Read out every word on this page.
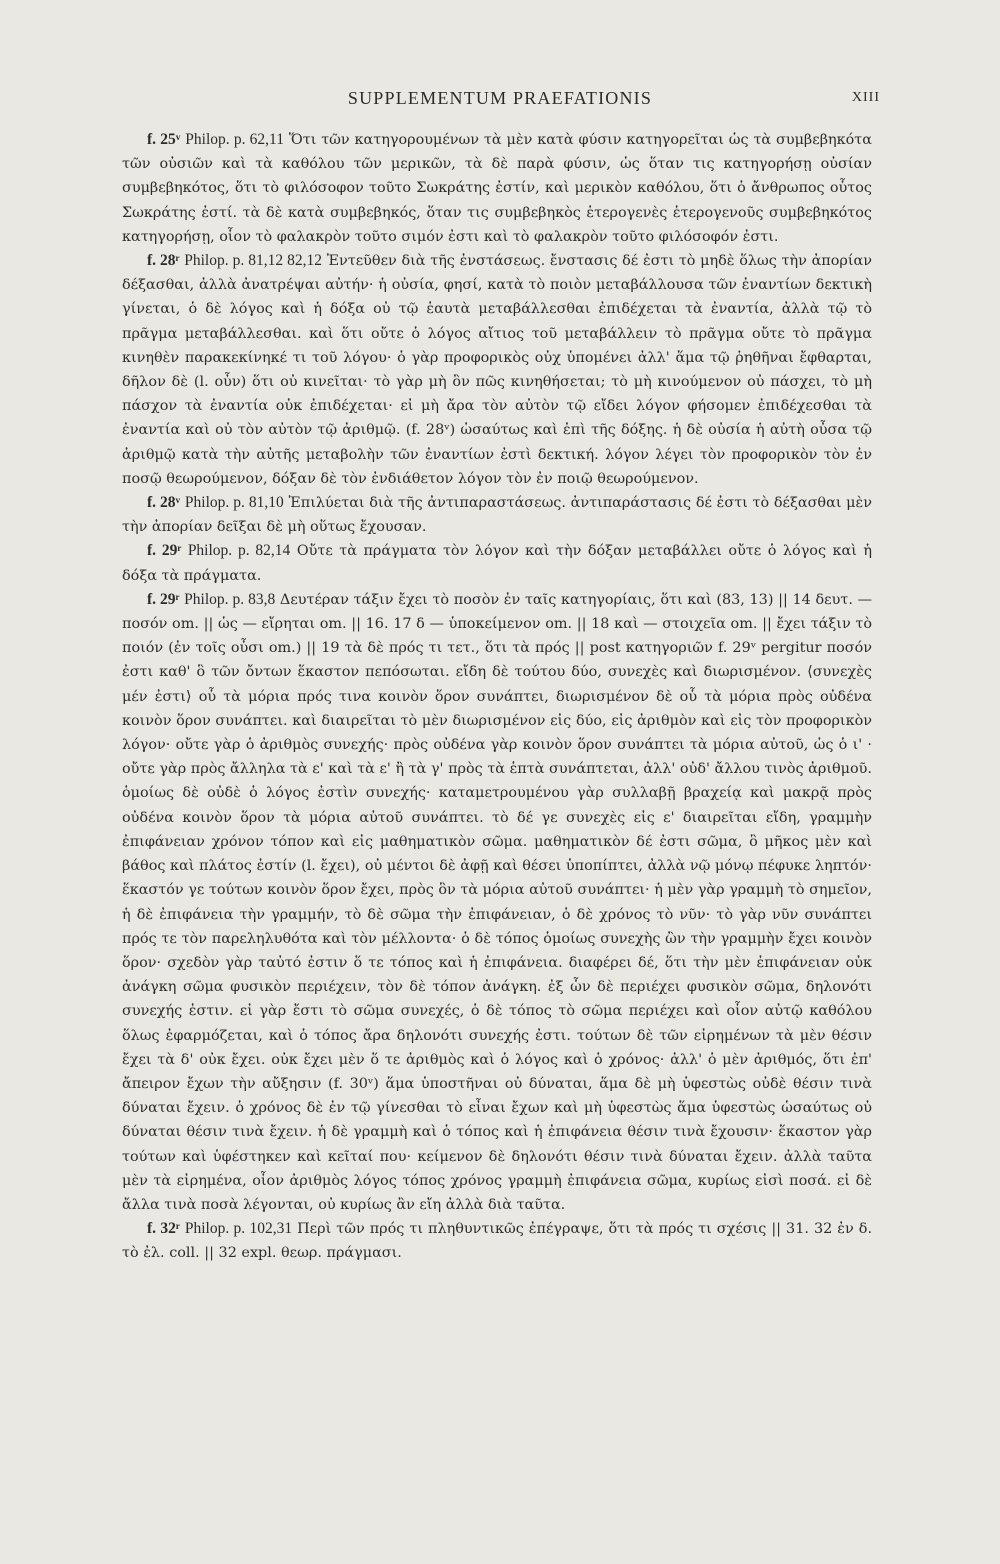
SUPPLEMENTUM PRAEFATIONIS	XIII

f. 25ᵛ Philop. p. 62,11 Ὅτι τῶν κατηγορουμένων τὰ μὲν κατὰ φύσιν κατηγορεῖται ὡς τὰ συμβεβηκότα τῶν οὐσιῶν καὶ τὰ καθόλου τῶν μερικῶν, τὰ δὲ παρὰ φύσιν, ὡς ὅταν τις κατηγορήσῃ οὐσίαν συμβεβηκότος, ὅτι τὸ φιλόσοφον τοῦτο Σωκράτης ἐστίν, καὶ μερικὸν καθόλου, ὅτι ὁ ἄνθρωπος οὗτος Σωκράτης ἐστί. τὰ δὲ κατὰ συμβεβηκός, ὅταν τις συμβεβηκὸς ἑτερογενὲς ἑτερογενοῦς συμβεβηκότος κατηγορήσῃ, οἷον τὸ φαλακρὸν τοῦτο σιμόν ἐστι καὶ τὸ φαλακρὸν τοῦτο φιλόσοφόν ἐστι.

f. 28ʳ Philop. p. 81,12 82,12 Ἐντεῦθεν διὰ τῆς ἐνστάσεως. ἔνστασις δέ ἐστι τὸ μηδὲ ὅλως τὴν ἀπορίαν δέξασθαι, ἀλλὰ ἀνατρέψαι αὐτήν· ἡ οὐσία, φησί, κατὰ τὸ ποιὸν μεταβάλλουσα τῶν ἐναντίων δεκτικὴ γίνεται, ὁ δὲ λόγος καὶ ἡ δόξα οὐ τῷ ἑαυτὰ μεταβάλλεσθαι ἐπιδέχεται τὰ ἐναντία, ἀλλὰ τῷ τὸ πρᾶγμα μεταβάλλεσθαι. καὶ ὅτι οὔτε ὁ λόγος αἴτιος τοῦ μεταβάλλειν τὸ πρᾶγμα οὔτε τὸ πρᾶγμα κινηθὲν παρακεκίνηκέ τι τοῦ λόγου· ὁ γὰρ προφορικὸς οὐχ ὑπομένει ἀλλ' ἅμα τῷ ῥηθῆναι ἔφθαρται, δῆλον δὲ (l. οὖν) ὅτι οὐ κινεῖται· τὸ γὰρ μὴ ὂν πῶς κινηθήσεται; τὸ μὴ κινούμενον οὐ πάσχει, τὸ μὴ πάσχον τὰ ἐναντία οὐκ ἐπιδέχεται· εἰ μὴ ἄρα τὸν αὐτὸν τῷ εἴδει λόγον φήσομεν ἐπιδέχεσθαι τὰ ἐναντία καὶ οὐ τὸν αὐτὸν τῷ ἀριθμῷ. (f. 28ᵛ) ὡσαύτως καὶ ἐπὶ τῆς δόξης. ἡ δὲ οὐσία ἡ αὐτὴ οὖσα τῷ ἀριθμῷ κατὰ τὴν αὐτῆς μεταβολὴν τῶν ἐναντίων ἐστὶ δεκτική. λόγον λέγει τὸν προφορικὸν τὸν ἐν ποσῷ θεωρούμενον, δόξαν δὲ τὸν ἐνδιάθετον λόγον τὸν ἐν ποιῷ θεωρούμενον.

f. 28ᵛ Philop. p. 81,10 Ἐπιλύεται διὰ τῆς ἀντιπαραστάσεως. ἀντιπαράστασις δέ ἐστι τὸ δέξασθαι μὲν τὴν ἀπορίαν δεῖξαι δὲ μὴ οὕτως ἔχουσαν.

f. 29ʳ Philop. p. 82,14 Οὔτε τὰ πράγματα τὸν λόγον καὶ τὴν δόξαν μεταβάλλει οὔτε ὁ λόγος καὶ ἡ δόξα τὰ πράγματα.

f. 29ʳ Philop. p. 83,8 Δευτέραν τάξιν ἔχει τὸ ποσὸν ἐν ταῖς κατηγορίαις, ὅτι καὶ (83, 13) || 14 δευτ. — ποσόν om. || ὡς — εἴρηται om. || 16. 17 δ — ὑποκείμενον om. || 18 καὶ — στοιχεῖα om. || ἔχει τάξιν τὸ ποιόν (ἐν τοῖς οὖσι om.) || 19 τὰ δὲ πρός τι τετ., ὅτι τὰ πρός || post κατηγοριῶν f. 29ᵛ pergitur ποσόν ἐστι καθ' ὃ τῶν ὄντων ἕκαστον πεπόσωται. εἴδη δὲ τούτου δύο, συνεχὲς καὶ διωρισμένον. ⟨συνεχὲς μέν ἐστι⟩ οὗ τὰ μόρια πρός τινα κοινὸν ὅρον συνάπτει, διωρισμένον δὲ οὗ τὰ μόρια πρὸς οὐδένα κοινὸν ὅρον συνάπτει. καὶ διαιρεῖται τὸ μὲν διωρισμένον εἰς δύο, εἰς ἀριθμὸν καὶ εἰς τὸν προφορικὸν λόγον· οὔτε γὰρ ὁ ἀριθμὸς συνεχής· πρὸς οὐδένα γὰρ κοινὸν ὅρον συνάπτει τὰ μόρια αὐτοῦ, ὡς ὁ ι' · οὔτε γὰρ πρὸς ἄλληλα τὰ ε' καὶ τὰ ε' ἢ τὰ γ' πρὸς τὰ ἑπτὰ συνάπτεται, ἀλλ' οὐδ' ἄλλου τινὸς ἀριθμοῦ. ὁμοίως δὲ οὐδὲ ὁ λόγος ἐστὶν συνεχής· καταμετρουμένου γὰρ συλλαβῇ βραχείᾳ καὶ μακρᾷ πρὸς οὐδένα κοινὸν ὅρον τὰ μόρια αὐτοῦ συνάπτει. τὸ δέ γε συνεχὲς εἰς ε' διαιρεῖται εἴδη, γραμμὴν ἐπιφάνειαν χρόνον τόπον καὶ εἰς μαθηματικὸν σῶμα. μαθηματικὸν δέ ἐστι σῶμα, ὃ μῆκος μὲν καὶ βάθος καὶ πλάτος ἐστίν (l. ἔχει), οὐ μέντοι δὲ ἀφῇ καὶ θέσει ὑποπίπτει, ἀλλὰ νῷ μόνῳ πέφυκε ληπτόν· ἕκαστόν γε τούτων κοινὸν ὅρον ἔχει, πρὸς ὃν τὰ μόρια αὐτοῦ συνάπτει· ἡ μὲν γὰρ γραμμὴ τὸ σημεῖον, ἡ δὲ ἐπιφάνεια τὴν γραμμήν, τὸ δὲ σῶμα τὴν ἐπιφάνειαν, ὁ δὲ χρόνος τὸ νῦν· τὸ γὰρ νῦν συνάπτει πρός τε τὸν παρεληλυθότα καὶ τὸν μέλλοντα· ὁ δὲ τόπος ὁμοίως συνεχὴς ὢν τὴν γραμμὴν ἔχει κοινὸν ὅρον· σχεδὸν γὰρ ταὐτό ἐστιν ὅ τε τόπος καὶ ἡ ἐπιφάνεια. διαφέρει δέ, ὅτι τὴν μὲν ἐπιφάνειαν οὐκ ἀνάγκη σῶμα φυσικὸν περιέχειν, τὸν δὲ τόπον ἀνάγκη. ἐξ ὧν δὲ περιέχει φυσικὸν σῶμα, δηλονότι συνεχής ἐστιν. εἰ γὰρ ἔστι τὸ σῶμα συνεχές, ὁ δὲ τόπος τὸ σῶμα περιέχει καὶ οἷον αὐτῷ καθόλου ὅλως ἐφαρμόζεται, καὶ ὁ τόπος ἄρα δηλονότι συνεχής ἐστι. τούτων δὲ τῶν εἰρημένων τὰ μὲν θέσιν ἔχει τὰ δ' οὐκ ἔχει. οὐκ ἔχει μὲν ὅ τε ἀριθμὸς καὶ ὁ λόγος καὶ ὁ χρόνος· ἀλλ' ὁ μὲν ἀριθμός, ὅτι ἐπ' ἄπειρον ἔχων τὴν αὔξησιν (f. 30ᵛ) ἅμα ὑποστῆναι οὐ δύναται, ἅμα δὲ μὴ ὑφεστὼς οὐδὲ θέσιν τινὰ δύναται ἔχειν. ὁ χρόνος δὲ ἐν τῷ γίνεσθαι τὸ εἶναι ἔχων καὶ μὴ ὑφεστὼς ἅμα ὑφεστὼς ὡσαύτως οὐ δύναται θέσιν τινὰ ἔχειν. ἡ δὲ γραμμὴ καὶ ὁ τόπος καὶ ἡ ἐπιφάνεια θέσιν τινὰ ἔχουσιν· ἕκαστον γὰρ τούτων καὶ ὑφέστηκεν καὶ κεῖταί που· κείμενον δὲ δηλονότι θέσιν τινὰ δύναται ἔχειν. ἀλλὰ ταῦτα μὲν τὰ εἰρημένα, οἷον ἀριθμὸς λόγος τόπος χρόνος γραμμὴ ἐπιφάνεια σῶμα, κυρίως εἰσὶ ποσά. εἰ δὲ ἄλλα τινὰ ποσὰ λέγονται, οὐ κυρίως ἂν εἴη ἀλλὰ διὰ ταῦτα.

f. 32ʳ Philop. p. 102,31 Περὶ τῶν πρός τι πληθυντικῶς ἐπέγραψε, ὅτι τὰ πρός τι σχέσις || 31. 32 ἐν δ. τὸ ἐλ. coll. || 32 expl. θεωρ. πράγμασι.
